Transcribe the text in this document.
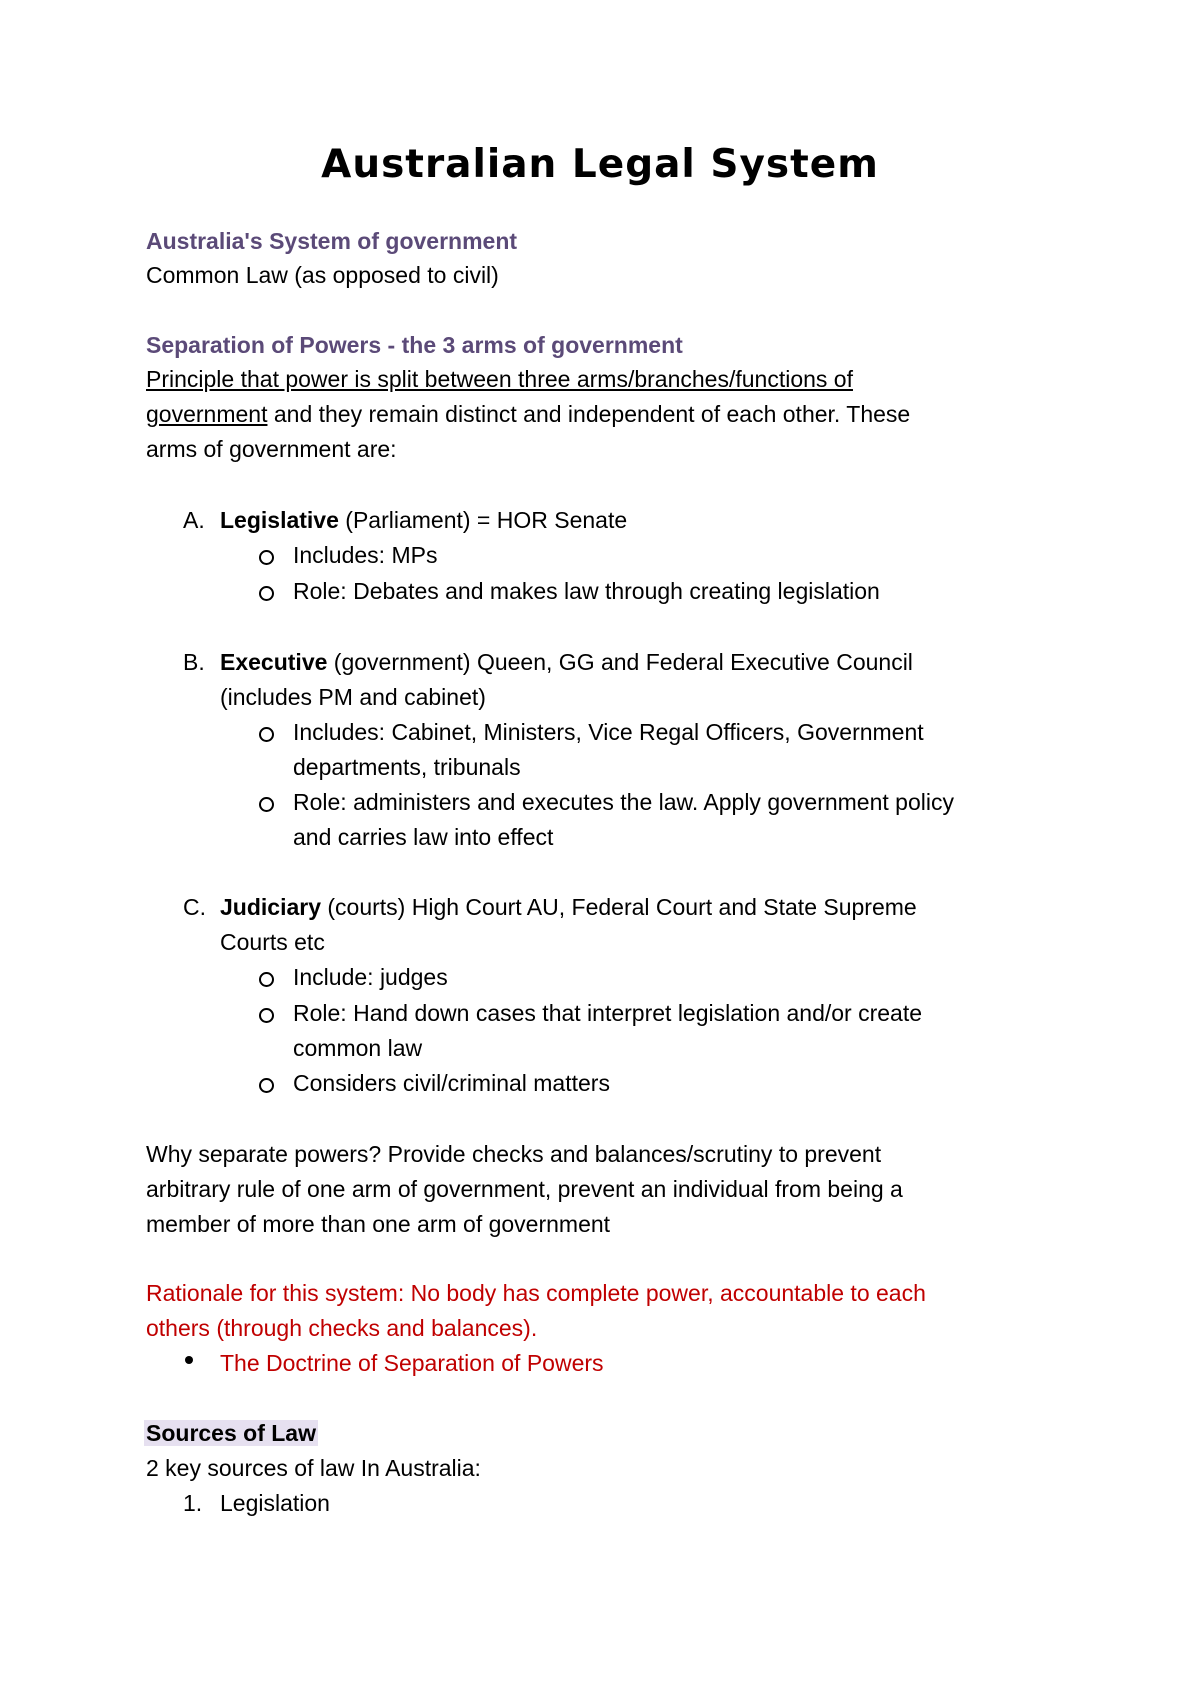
Australian Legal System

Australia's System of government

Common Law (as opposed to civil)

Separation of Powers - the 3 arms of government

Principle that power is split between three arms/branches/functions of

government and they remain distinct and independent of each other. These

arms of government are:

A. Legislative (Parliament) = HOR Senate

Includes: MPs

Role: Debates and makes law through creating legislation

B. Executive (government) Queen, GG and Federal Executive Council

(includes PM and cabinet)

Includes: Cabinet, Ministers, Vice Regal Officers, Government

departments, tribunals

Role: administers and executes the law. Apply government policy

and carries law into effect

C. Judiciary (courts) High Court AU, Federal Court and State Supreme

Courts etc

Include: judges

Role: Hand down cases that interpret legislation and/or create

common law

Considers civil/criminal matters

Why separate powers? Provide checks and balances/scrutiny to prevent

arbitrary rule of one arm of government, prevent an individual from being a

member of more than one arm of government

Rationale for this system: No body has complete power, accountable to each

others (through checks and balances).

The Doctrine of Separation of Powers

Sources of Law

2 key sources of law In Australia:

1. Legislation
